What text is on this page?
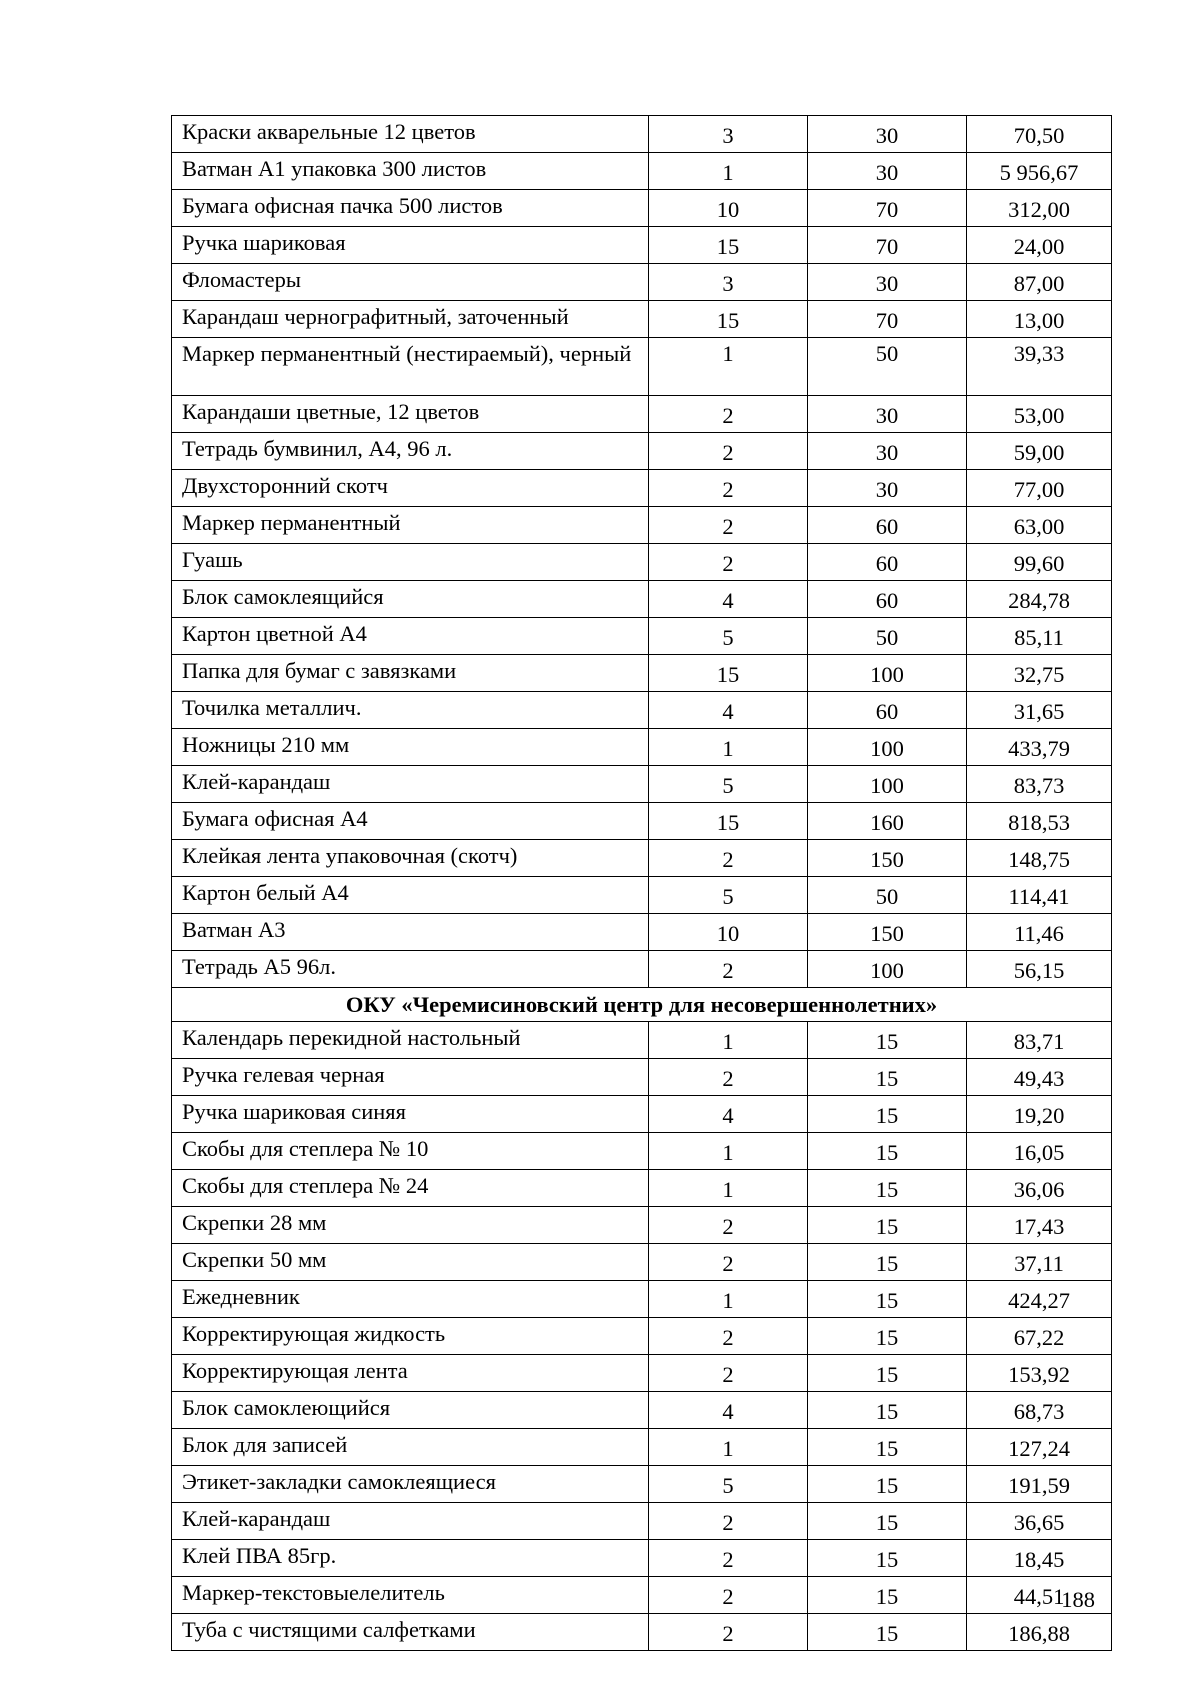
Краски акварельные 12 цветов	3	30	70,50
Ватман А1 упаковка 300 листов	1	30	5 956,67
Бумага офисная пачка 500 листов	10	70	312,00
Ручка шариковая	15	70	24,00
Фломастеры	3	30	87,00
Карандаш чернографитный, заточенный	15	70	13,00
Маркер перманентный (нестираемый), черный	1	50	39,33
Карандаши цветные, 12 цветов	2	30	53,00
Тетрадь бумвинил, А4, 96 л.	2	30	59,00
Двухсторонний скотч	2	30	77,00
Маркер перманентный	2	60	63,00
Гуашь	2	60	99,60
Блок самоклеящийся	4	60	284,78
Картон цветной А4	5	50	85,11
Папка для бумаг с завязками	15	100	32,75
Точилка металлич.	4	60	31,65
Ножницы 210 мм	1	100	433,79
Клей-карандаш	5	100	83,73
Бумага офисная А4	15	160	818,53
Клейкая лента упаковочная (скотч)	2	150	148,75
Картон белый А4	5	50	114,41
Ватман А3	10	150	11,46
Тетрадь А5 96л.	2	100	56,15
ОКУ «Черемисиновский центр для несовершеннолетних»			
Календарь перекидной настольный	1	15	83,71
Ручка гелевая черная	2	15	49,43
Ручка шариковая синяя	4	15	19,20
Скобы для степлера № 10	1	15	16,05
Скобы для степлера № 24	1	15	36,06
Скрепки 28 мм	2	15	17,43
Скрепки 50 мм	2	15	37,11
Ежедневник	1	15	424,27
Корректирующая жидкость	2	15	67,22
Корректирующая лента	2	15	153,92
Блок самоклеющийся	4	15	68,73
Блок для записей	1	15	127,24
Этикет-закладки самоклеящиеся	5	15	191,59
Клей-карандаш	2	15	36,65
Клей ПВА 85гр.	2	15	18,45
Маркер-текстовыелелитель	2	15	44,51
Туба с чистящими салфетками	2	15	186,88
188
